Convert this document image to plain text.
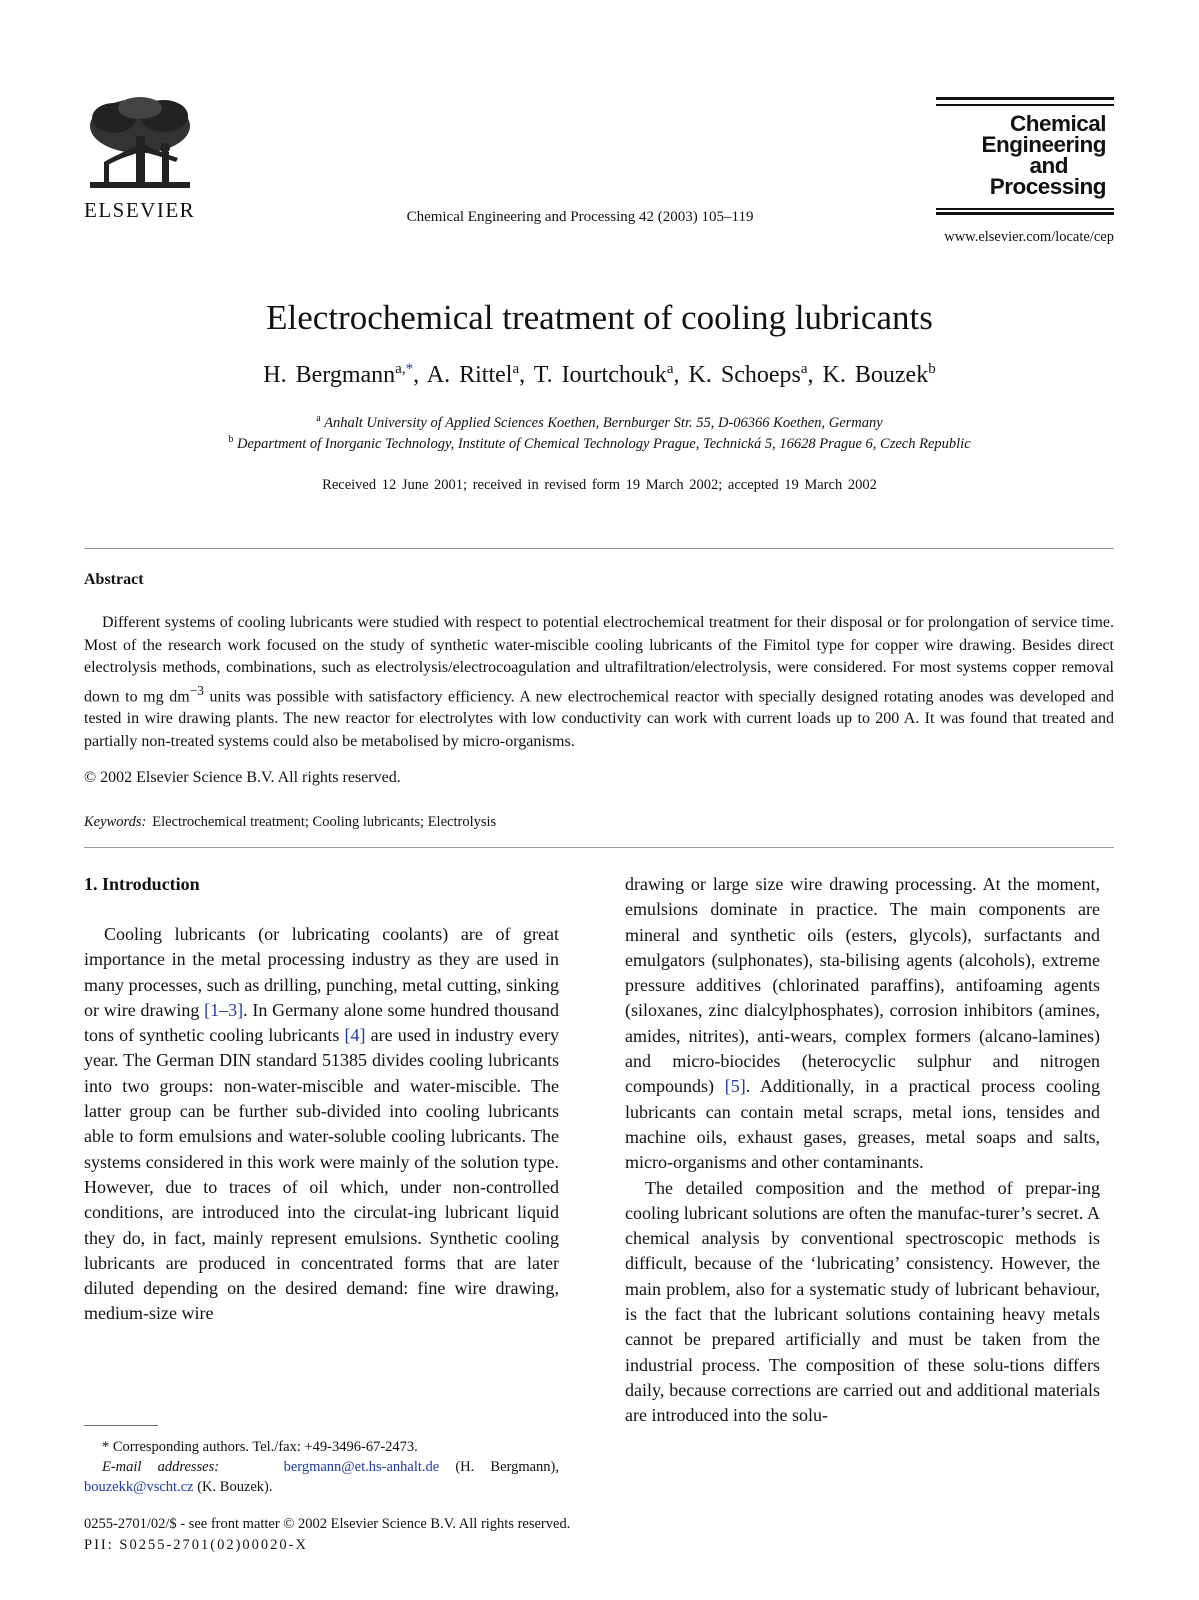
ELSEVIER	Chemical Engineering and Processing 42 (2003) 105–119
Chemical
Engineering
and
Processing
www.elsevier.com/locate/cep
Electrochemical treatment of cooling lubricants
H. Bergmann$^{a,*}$, A. Rittel$^a$, T. Iourtchouk$^a$, K. Schoeps$^a$, K. Bouzek$^b$
$^a$ Anhalt University of Applied Sciences Koethen, Bernburger Str. 55, D-06366 Koethen, Germany
$^b$ Department of Inorganic Technology, Institute of Chemical Technology Prague, Technická 5, 16628 Prague 6, Czech Republic
Received 12 June 2001; received in revised form 19 March 2002; accepted 19 March 2002
Abstract

Different systems of cooling lubricants were studied with respect to potential electrochemical treatment for their disposal or for prolongation of service time. Most of the research work focused on the study of synthetic water-miscible cooling lubricants of the Fimitol type for copper wire drawing. Besides direct electrolysis methods, combinations, such as electrolysis/electrocoagulation and ultrafiltration/electrolysis, were considered. For most systems copper removal down to mg $dm^{-3}$ units was possible with satisfactory efficiency. A new electrochemical reactor with specially designed rotating anodes was developed and tested in wire drawing plants. The new reactor for electrolytes with low conductivity can work with current loads up to 200 A. It was found that treated and partially non-treated systems could also be metabolised by micro-organisms.

© 2002 Elsevier Science B.V. All rights reserved.
Keywords: Electrochemical treatment; Cooling lubricants; Electrolysis
1. Introduction

Cooling lubricants (or lubricating coolants) are of great importance in the metal processing industry as they are used in many processes, such as drilling, punching, metal cutting, sinking or wire drawing [1–3]. In Germany alone some hundred thousand tons of synthetic cooling lubricants [4] are used in industry every year. The German DIN standard 51385 divides cooling lubricants into two groups: non-water-miscible and water-miscible. The latter group can be further sub-divided into cooling lubricants able to form emulsions and water-soluble cooling lubricants. The systems considered in this work were mainly of the solution type. However, due to traces of oil which, under non-controlled conditions, are introduced into the circulat-ing lubricant liquid they do, in fact, mainly represent emulsions. Synthetic cooling lubricants are produced in concentrated forms that are later diluted depending on the desired demand: fine wire drawing, medium-size wire

drawing or large size wire drawing processing. At the moment, emulsions dominate in practice. The main components are mineral and synthetic oils (esters, glycols), surfactants and emulgators (sulphonates), sta-bilising agents (alcohols), extreme pressure additives (chlorinated paraffins), antifoaming agents (siloxanes, zinc dialcylphosphates), corrosion inhibitors (amines, amides, nitrites), anti-wears, complex formers (alcano-lamines) and micro-biocides (heterocyclic sulphur and nitrogen compounds) [5]. Additionally, in a practical process cooling lubricants can contain metal scraps, metal ions, tensides and machine oils, exhaust gases, greases, metal soaps and salts, micro-organisms and other contaminants.

The detailed composition and the method of prepar-ing cooling lubricant solutions are often the manufac-turer’s secret. A chemical analysis by conventional spectroscopic methods is difficult, because of the ‘lubricating’ consistency. However, the main problem, also for a systematic study of lubricant behaviour, is the fact that the lubricant solutions containing heavy metals cannot be prepared artificially and must be taken from the industrial process. The composition of these solu-tions differs daily, because corrections are carried out and additional materials are introduced into the solu-

* Corresponding authors. Tel./fax: +49-3496-67-2473.
E-mail addresses:	bergmann@et.hs-anhalt.de (H. Bergmann), bouzekk@vscht.cz (K. Bouzek).
0255-2701/02/$ - see front matter © 2002 Elsevier Science B.V. All rights reserved.
PII: S0255-2701(02)00020-X
